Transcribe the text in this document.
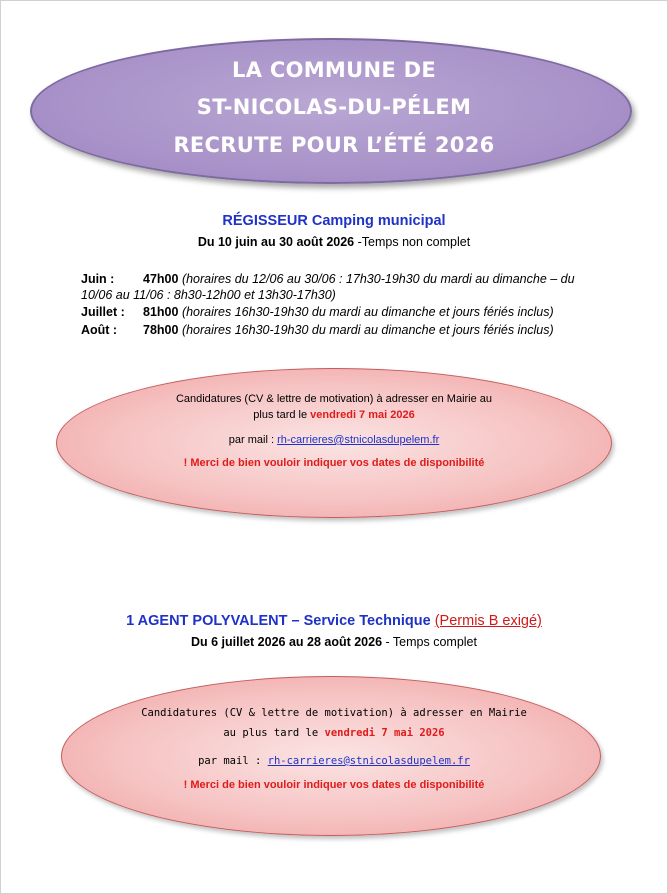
LA COMMUNE DE
ST-NICOLAS-DU-PÉLEM
RECRUTE POUR L’ÉTÉ 2026
RÉGISSEUR Camping municipal
Du 10 juin au 30 août 2026 -Temps non complet
Juin : 47h00 (horaires du 12/06 au 30/06 : 17h30-19h30 du mardi au dimanche – du
10/06 au 11/06 : 8h30-12h00 et 13h30-17h30)
Juillet : 81h00 (horaires 16h30-19h30 du mardi au dimanche et jours fériés inclus)
Août : 78h00 (horaires 16h30-19h30 du mardi au dimanche et jours fériés inclus)
Candidatures (CV & lettre de motivation) à adresser en Mairie au
plus tard le vendredi 7 mai 2026
par mail : rh-carrieres@stnicolasdupelem.fr
! Merci de bien vouloir indiquer vos dates de disponibilité
1 AGENT POLYVALENT – Service Technique (Permis B exigé)
Du 6 juillet 2026 au 28 août 2026 - Temps complet
Candidatures (CV & lettre de motivation) à adresser en Mairie
au plus tard le vendredi 7 mai 2026
par mail : rh-carrieres@stnicolasdupelem.fr
! Merci de bien vouloir indiquer vos dates de disponibilité
